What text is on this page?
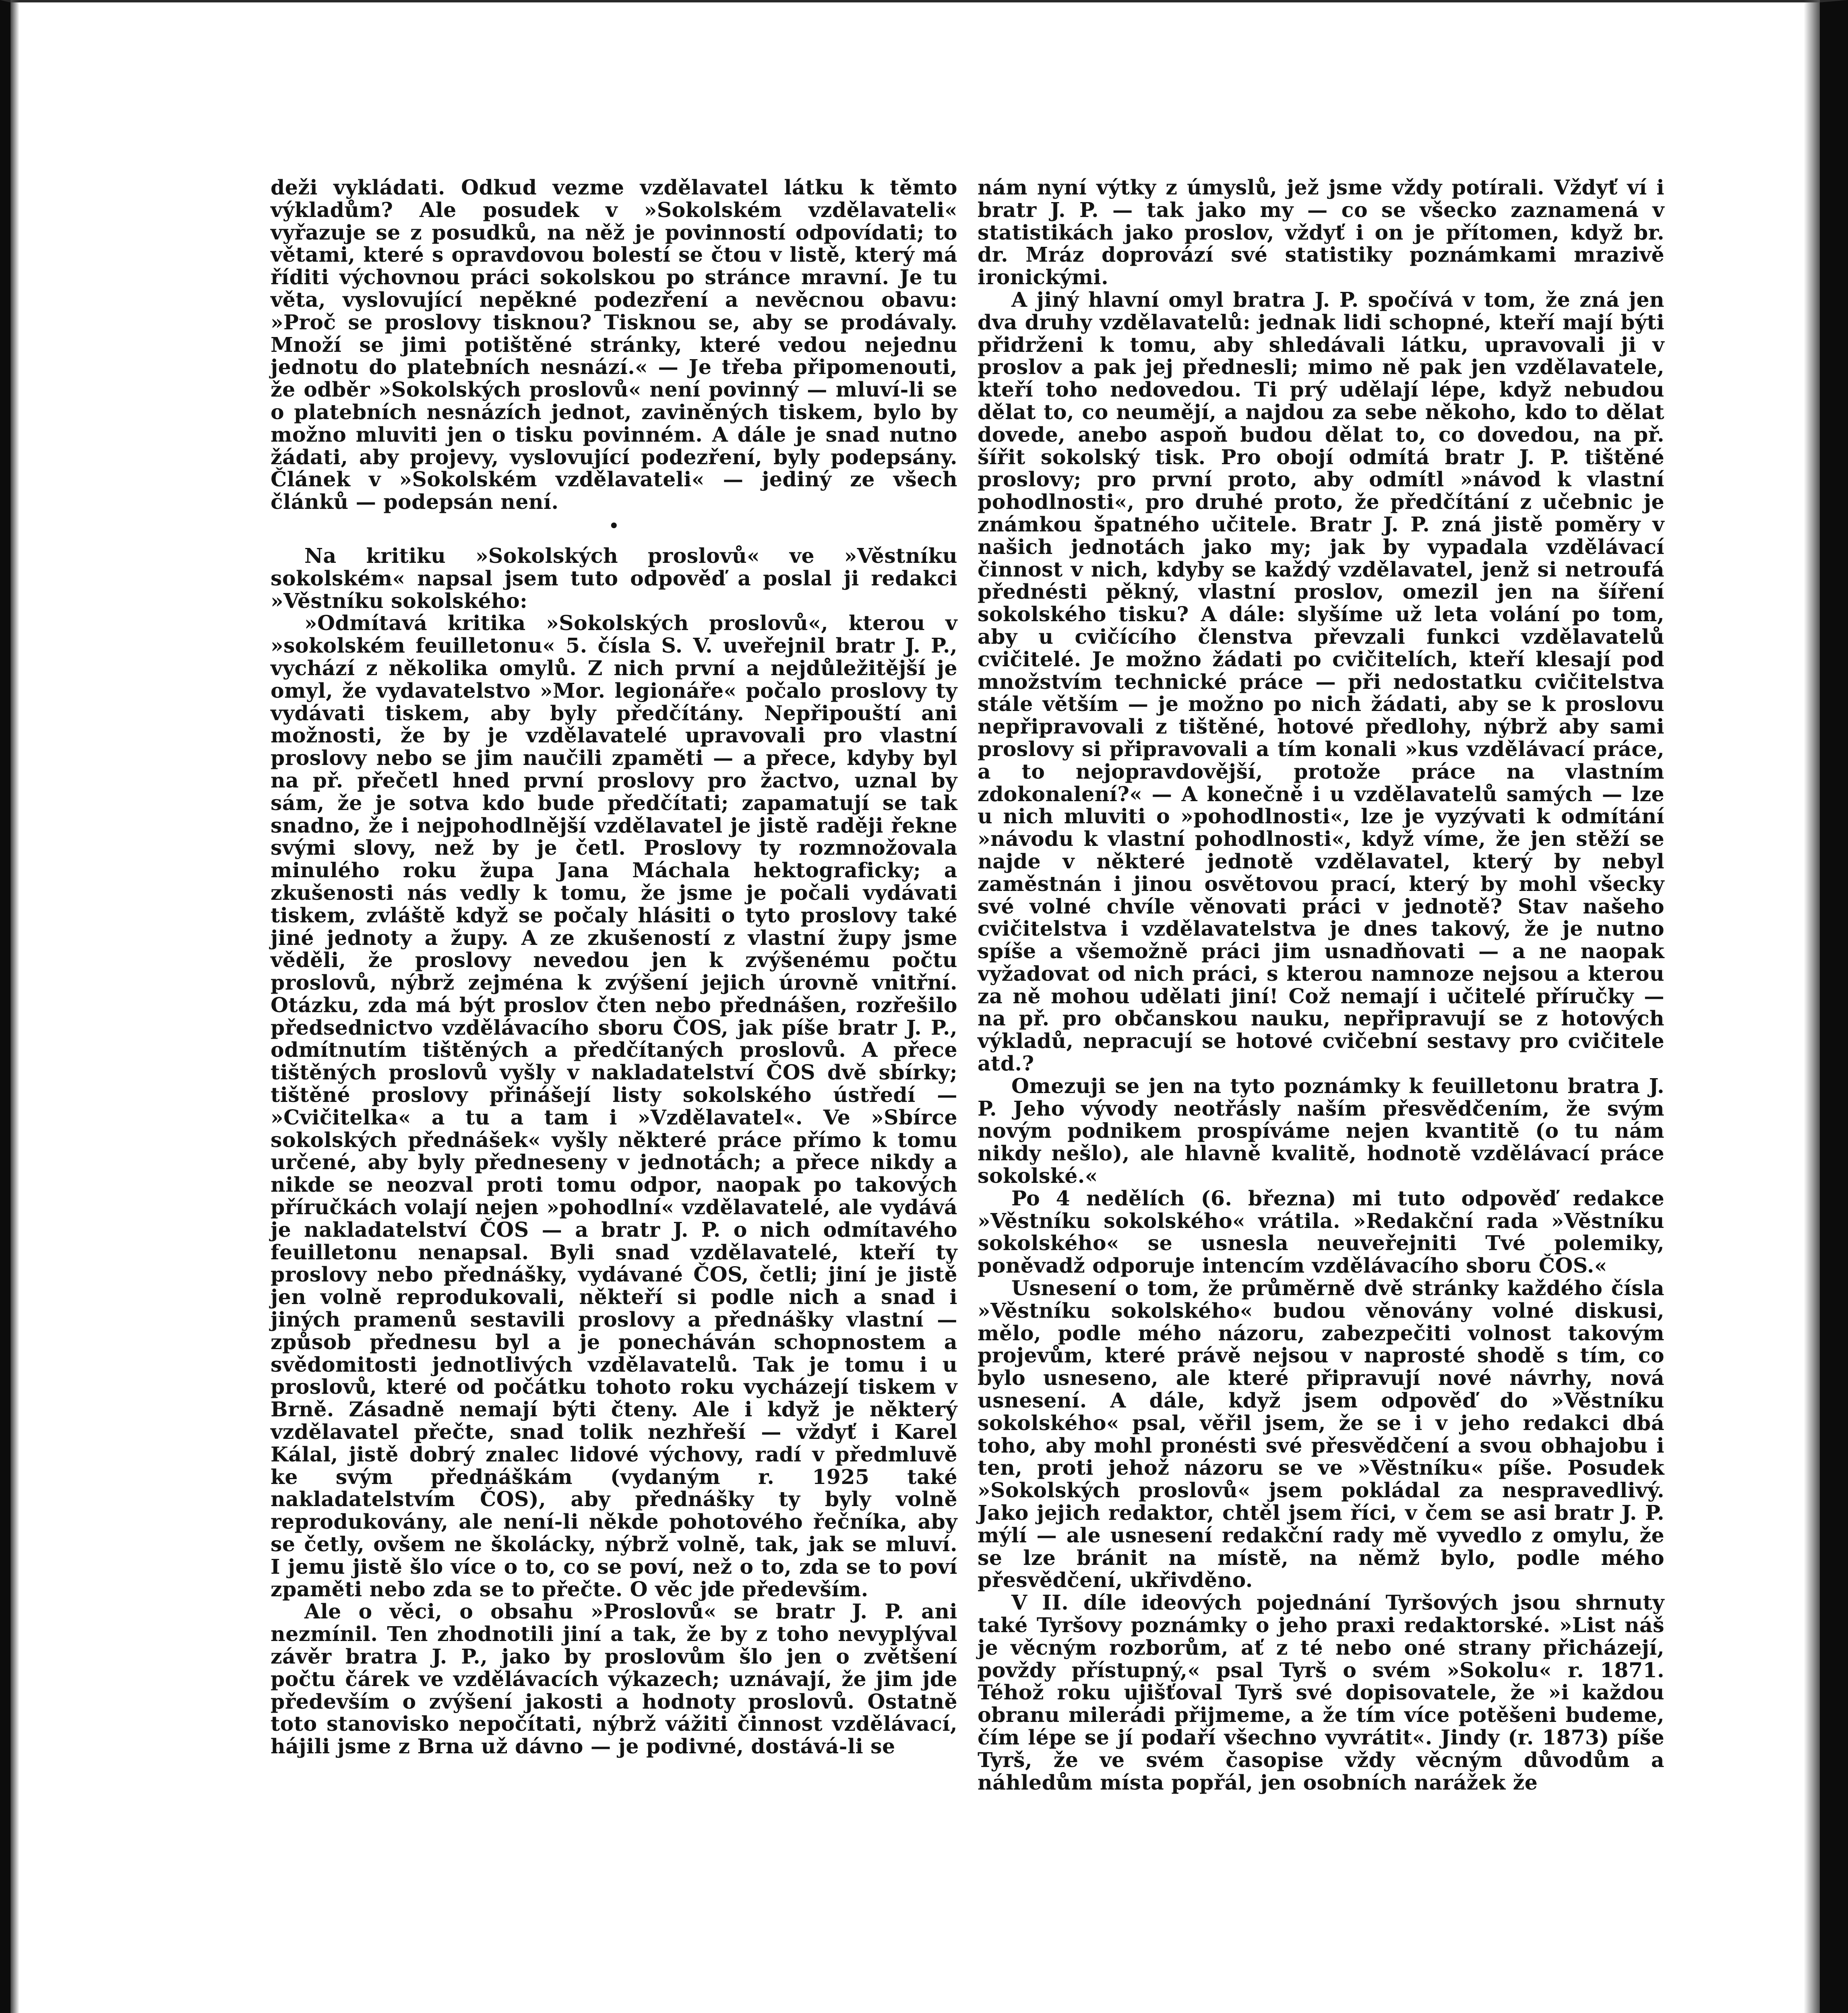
deži vykládati. Odkud vezme vzdělavatel látku k těmto výkladům? Ale posudek v »Sokolském vzdělavateli« vyřazuje se z posudků, na něž je povinností odpovídati; to větami, které s opravdovou bolestí se čtou v listě, který má říditi výchovnou práci sokolskou po stránce mravní. Je tu věta, vyslovující nepěkné podezření a nevěcnou obavu: »Proč se proslovy tisknou? Tisknou se, aby se prodávaly. Množí se jimi potištěné stránky, které vedou nejednu jednotu do platebních nesnází.« — Je třeba připomenouti, že odběr »Sokolských proslovů« není povinný — mluví-li se o platebních nesnázích jednot, zaviněných tiskem, bylo by možno mluviti jen o tisku povinném. A dále je snad nutno žádati, aby projevy, vyslovující podezření, byly podepsány. Článek v »Sokolském vzdělavateli« — jediný ze všech článků — podepsán není.

•

Na kritiku »Sokolských proslovů« ve »Věstníku sokolském« napsal jsem tuto odpověď a poslal ji redakci »Věstníku sokolského:

»Odmítavá kritika »Sokolských proslovů«, kterou v »sokolském feuilletonu« 5. čísla S. V. uveřejnil bratr J. P., vychází z několika omylů. Z nich první a nejdůležitější je omyl, že vydavatelstvo »Mor. legionáře« počalo proslovy ty vydávati tiskem, aby byly předčítány. Nepřipouští ani možnosti, že by je vzdělavatelé upravovali pro vlastní proslovy nebo se jim naučili zpaměti — a přece, kdyby byl na př. přečetl hned první proslovy pro žactvo, uznal by sám, že je sotva kdo bude předčítati; zapamatují se tak snadno, že i nejpohodlnější vzdělavatel je jistě raději řekne svými slovy, než by je četl. Proslovy ty rozmnožovala minulého roku župa Jana Máchala hektograficky; a zkušenosti nás vedly k tomu, že jsme je počali vydávati tiskem, zvláště když se počaly hlásiti o tyto proslovy také jiné jednoty a župy. A ze zkušeností z vlastní župy jsme věděli, že proslovy nevedou jen k zvýšenému počtu proslovů, nýbrž zejména k zvýšení jejich úrovně vnitřní. Otázku, zda má být proslov čten nebo přednášen, rozřešilo předsednictvo vzdělávacího sboru ČOS, jak píše bratr J. P., odmítnutím tištěných a předčítaných proslovů. A přece tištěných proslovů vyšly v nakladatelství ČOS dvě sbírky; tištěné proslovy přinášejí listy sokolského ústředí — »Cvičitelka« a tu a tam i »Vzdělavatel«. Ve »Sbírce sokolských přednášek« vyšly některé práce přímo k tomu určené, aby byly předneseny v jednotách; a přece nikdy a nikde se neozval proti tomu odpor, naopak po takových příručkách volají nejen »pohodlní« vzdělavatelé, ale vydává je nakladatelství ČOS — a bratr J. P. o nich odmítavého feuilletonu nenapsal. Byli snad vzdělavatelé, kteří ty proslovy nebo přednášky, vydávané ČOS, četli; jiní je jistě jen volně reprodukovali, někteří si podle nich a snad i jiných pramenů sestavili proslovy a přednášky vlastní — způsob přednesu byl a je ponecháván schopnostem a svědomitosti jednotlivých vzdělavatelů. Tak je tomu i u proslovů, které od počátku tohoto roku vycházejí tiskem v Brně. Zásadně nemají býti čteny. Ale i když je některý vzdělavatel přečte, snad tolik nezhřeší — vždyť i Karel Kálal, jistě dobrý znalec lidové výchovy, radí v předmluvě ke svým přednáškám (vydaným r. 1925 také nakladatelstvím ČOS), aby přednášky ty byly volně reprodukovány, ale není-li někde pohotového řečníka, aby se četly, ovšem ne školácky, nýbrž volně, tak, jak se mluví. I jemu jistě šlo více o to, co se poví, než o to, zda se to poví zpaměti nebo zda se to přečte. O věc jde především.

Ale o věci, o obsahu »Proslovů« se bratr J. P. ani nezmínil. Ten zhodnotili jiní a tak, že by z toho nevyplýval závěr bratra J. P., jako by proslovům šlo jen o zvětšení počtu čárek ve vzdělávacích výkazech; uznávají, že jim jde především o zvýšení jakosti a hodnoty proslovů. Ostatně toto stanovisko nepočítati, nýbrž vážiti činnost vzdělávací, hájili jsme z Brna už dávno — je podivné, dostává-li se

nám nyní výtky z úmyslů, jež jsme vždy potírali. Vždyť ví i bratr J. P. — tak jako my — co se všecko zaznamená v statistikách jako proslov, vždyť i on je přítomen, když br. dr. Mráz doprovází své statistiky poznámkami mrazivě ironickými.

A jiný hlavní omyl bratra J. P. spočívá v tom, že zná jen dva druhy vzdělavatelů: jednak lidi schopné, kteří mají býti přidrženi k tomu, aby shledávali látku, upravovali ji v proslov a pak jej přednesli; mimo ně pak jen vzdělavatele, kteří toho nedovedou. Ti prý udělají lépe, když nebudou dělat to, co neumějí, a najdou za sebe někoho, kdo to dělat dovede, anebo aspoň budou dělat to, co dovedou, na př. šířit sokolský tisk. Pro obojí odmítá bratr J. P. tištěné proslovy; pro první proto, aby odmítl »návod k vlastní pohodlnosti«, pro druhé proto, že předčítání z učebnic je známkou špatného učitele. Bratr J. P. zná jistě poměry v našich jednotách jako my; jak by vypadala vzdělávací činnost v nich, kdyby se každý vzdělavatel, jenž si netroufá přednésti pěkný, vlastní proslov, omezil jen na šíření sokolského tisku? A dále: slyšíme už leta volání po tom, aby u cvičícího členstva převzali funkci vzdělavatelů cvičitelé. Je možno žádati po cvičitelích, kteří klesají pod množstvím technické práce — při nedostatku cvičitelstva stále větším — je možno po nich žádati, aby se k proslovu nepřipravovali z tištěné, hotové předlohy, nýbrž aby sami proslovy si připravovali a tím konali »kus vzdělávací práce, a to nejopravdovější, protože práce na vlastním zdokonalení?« — A konečně i u vzdělavatelů samých — lze u nich mluviti o »pohodlnosti«, lze je vyzývati k odmítání »návodu k vlastní pohodlnosti«, když víme, že jen stěží se najde v některé jednotě vzdělavatel, který by nebyl zaměstnán i jinou osvětovou prací, který by mohl všecky své volné chvíle věnovati práci v jednotě? Stav našeho cvičitelstva i vzdělavatelstva je dnes takový, že je nutno spíše a všemožně práci jim usnadňovati — a ne naopak vyžadovat od nich práci, s kterou namnoze nejsou a kterou za ně mohou udělati jiní! Což nemají i učitelé příručky — na př. pro občanskou nauku, nepřipravují se z hotových výkladů, nepracují se hotové cvičební sestavy pro cvičitele atd.?

Omezuji se jen na tyto poznámky k feuilletonu bratra J. P. Jeho vývody neotřásly naším přesvědčením, že svým novým podnikem prospíváme nejen kvantitě (o tu nám nikdy nešlo), ale hlavně kvalitě, hodnotě vzdělávací práce sokolské.«

Po 4 nedělích (6. března) mi tuto odpověď redakce »Věstníku sokolského« vrátila. »Redakční rada »Věstníku sokolského« se usnesla neuveřejniti Tvé polemiky, poněvadž odporuje intencím vzdělávacího sboru ČOS.«

Usnesení o tom, že průměrně dvě stránky každého čísla »Věstníku sokolského« budou věnovány volné diskusi, mělo, podle mého názoru, zabezpečiti volnost takovým projevům, které právě nejsou v naprosté shodě s tím, co bylo usneseno, ale které připravují nové návrhy, nová usnesení. A dále, když jsem odpověď do »Věstníku sokolského« psal, věřil jsem, že se i v jeho redakci dbá toho, aby mohl pronésti své přesvědčení a svou obhajobu i ten, proti jehož názoru se ve »Věstníku« píše. Posudek »Sokolských proslovů« jsem pokládal za nespravedlivý. Jako jejich redaktor, chtěl jsem říci, v čem se asi bratr J. P. mýlí — ale usnesení redakční rady mě vyvedlo z omylu, že se lze bránit na místě, na němž bylo, podle mého přesvědčení, ukřivděno.

V II. díle ideových pojednání Tyršových jsou shrnuty také Tyršovy poznámky o jeho praxi redaktorské. »List náš je věcným rozborům, ať z té nebo oné strany přicházejí, povždy přístupný,« psal Tyrš o svém »Sokolu« r. 1871. Téhož roku ujišťoval Tyrš své dopisovatele, že »i každou obranu milerádi přijmeme, a že tím více potěšeni budeme, čím lépe se jí podaří všechno vyvrátit«. Jindy (r. 1873) píše Tyrš, že ve svém časopise vždy věcným důvodům a náhledům místa popřál, jen osobních narážek že
